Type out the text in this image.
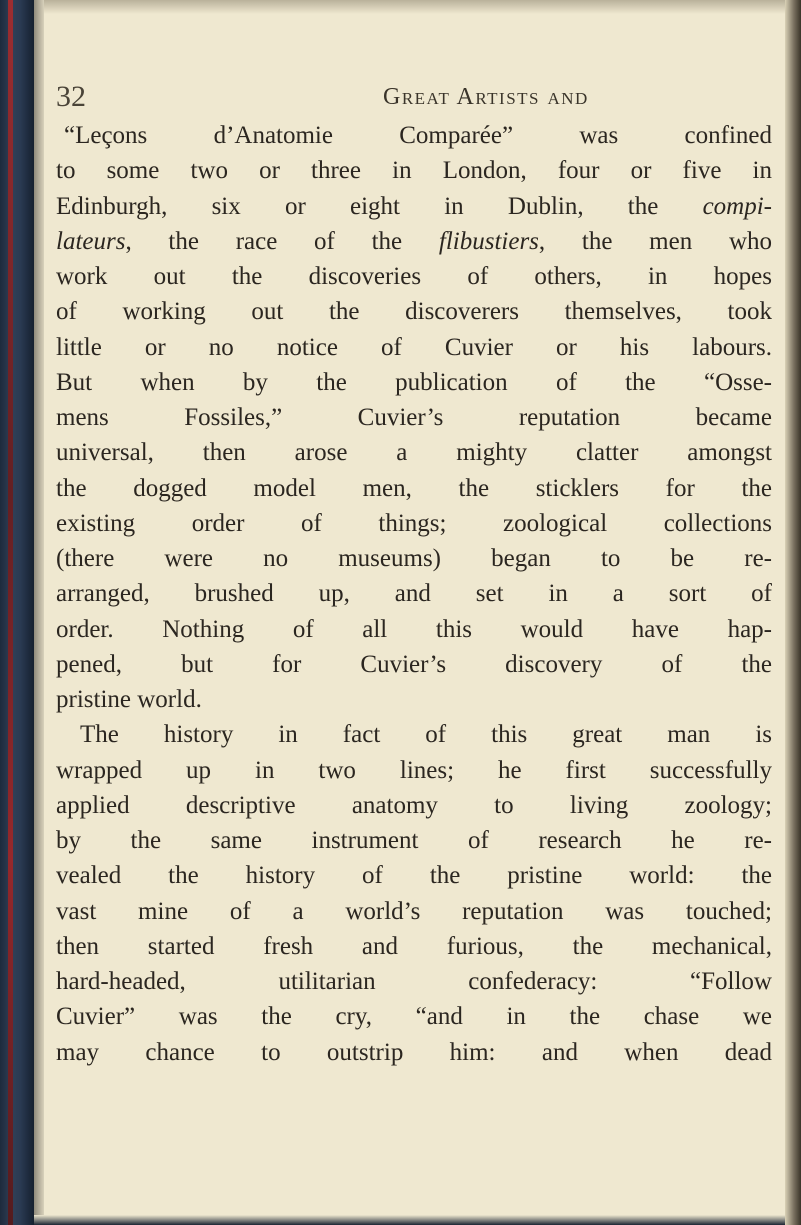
32	Great Artists and
“Leçons d’Anatomie Comparée” was confined
to some two or three in London, four or five in
Edinburgh, six or eight in Dublin, the compi-
lateurs, the race of the flibustiers, the men who
work out the discoveries of others, in hopes
of working out the discoverers themselves, took
little or no notice of Cuvier or his labours.
But when by the publication of the “Osse-
mens Fossiles,” Cuvier’s reputation became
universal, then arose a mighty clatter amongst
the dogged model men, the sticklers for the
existing order of things; zoological collections
(there were no museums) began to be re-
arranged, brushed up, and set in a sort of
order. Nothing of all this would have hap-
pened, but for Cuvier’s discovery of the
pristine world.
The history in fact of this great man is
wrapped up in two lines; he first successfully
applied descriptive anatomy to living zoology;
by the same instrument of research he re-
vealed the history of the pristine world: the
vast mine of a world’s reputation was touched;
then started fresh and furious, the mechanical,
hard-headed, utilitarian confederacy: “Follow
Cuvier” was the cry, “and in the chase we
may chance to outstrip him: and when dead
